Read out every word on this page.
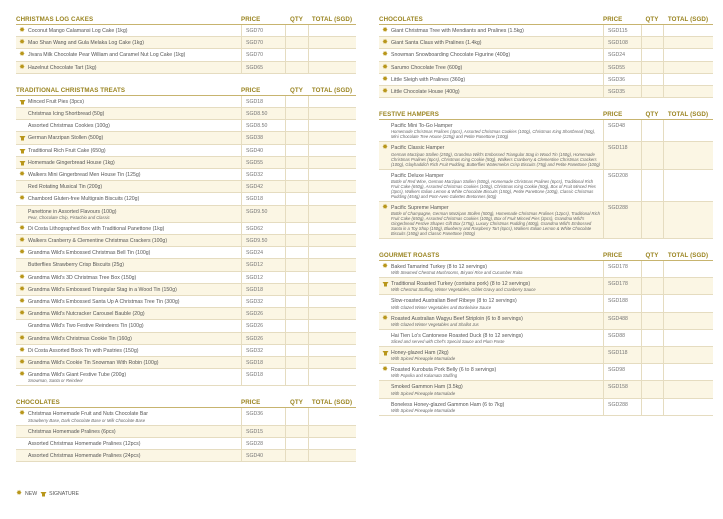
CHRISTMAS LOG CAKES	PRICE	QTY	TOTAL (SGD)
✸ Coconut Mango Calamansi Log Cake (1kg)	SGD70
✸ Mao Shan Wang and Gula Melaka Log Cake (1kg)	SGD70
✸ Jivara Milk Chocolate Pear William and Caramel Nut Log Cake (1kg)	SGD70
✸ Hazelnut Chocolate Tart (1kg)	SGD65
TRADITIONAL CHRISTMAS TREATS	PRICE	QTY	TOTAL (SGD)
Minced Fruit Pies (3pcs)	SGD18
Christmas Icing Shortbread (50g)	SGD8.50
Assorted Christmas Cookies (100g)	SGD8.50
German Marzipan Stollen (500g)	SGD38
Traditional Rich Fruit Cake (650g)	SGD40
Homemade Gingerbread House (1kg)	SGD55
✸ Walkers Mini Gingerbread Men House Tin (125g)	SGD32
Red Rotating Musical Tin (200g)	SGD42
✸ Chambord Gluten-free Multigrain Biscuits (120g)	SGD18
Panettone in Assorted Flavours (100g)
Pear, Chocolate Chip, Pistachio and Classic
SGD9.50
✸ Di Costa Lithographed Box with Traditional Panettone (1kg)	SGD62
✸ Walkers Cranberry & Clementine Christmas Crackers (100g)	SGD9.50
✸ Grandma Wild's Embossed Christmas Bell Tin (100g)	SGD24
Butterflies Strawberry Crisp Biscuits (25g)	SGD12
✸ Grandma Wild's 3D Christmas Tree Box (150g)	SGD12
✸ Grandma Wild's Embossed Triangular Stag in a Wood Tin (150g)	SGD18
✸ Grandma Wild's Embossed Santa Up A Christmas Tree Tin (300g)	SGD32
✸ Grandma Wild's Nutcracker Carousel Bauble (20g)	SGD26
Grandma Wild's Two Festive Reindeers Tin (100g)	SGD26
✸ Grandma Wild's Christmas Cookie Tin (160g)	SGD26
✸ Di Costa Assorted Book Tin with Pastries (150g)	SGD32
✸ Grandma Wild's Cookie Tin Snowman With Robin (100g)	SGD18
✸ Grandma Wild's Giant Festive Tube (200g)
Snowman, Santa or Reindeer
SGD18
CHOCOLATES	PRICE	QTY	TOTAL (SGD)
✸ Christmas Homemade Fruit and Nuts Chocolate Bar
Strawberry Base, Dark Chocolate Base or Milk Chocolate Base
SGD36
Christmas Homemade Pralines (6pcs)	SGD15
Assorted Christmas Homemade Pralines (12pcs)	SGD28
Assorted Christmas Homemade Pralines (24pcs)	SGD40
CHOCOLATES	PRICE	QTY	TOTAL (SGD)
✸ Giant Christmas Tree with Mendiants and Pralines (1.5kg)	SGD115
✸ Giant Santa Claus with Pralines (1.4kg)	SGD108
✸ Snowman Snowboarding Chocolate Figurine (400g)	SGD24
✸ Sarumo Chocolate Tree (600g)	SGD55
✸ Little Sleigh with Pralines (360g)	SGD36
✸ Little Chocolate House (400g)	SGD35
FESTIVE HAMPERS	PRICE	QTY	TOTAL (SGD)
Pacific Mini To-Go Hamper
Homemade Christmas Pralines (4pcs), Assorted Christmas Cookies (100g), Christmas Icing Shortbread (50g), Mini Chocolate Tree House (225g) and Petite Panettone (100g)
SGD48
✸ Pacific Classic Hamper
German Marzipan Stollen (250g), Grandma Wild's Embossed Triangular Stag in Wood Tin (150g), Homemade Christmas Pralines (6pcs), Christmas Icing Cookie (50g), Walkers Cranberry & Clementine Christmas Crackers (100g), Glayhaddich Rich Fruit Pudding, Butterflies Watermelon Crisp Biscuits (75g) and Petite Panettone (100g)
SGD118
Pacific Deluxe Hamper
Bottle of Red Wine, German Marzipan Stollen (500g), Homemade Christmas Pralines (6pcs), Traditional Rich Fruit Cake (650g), Assorted Christmas Cookies (100g), Christmas Icing Cookie (50g), Box of Fruit Minced Pies (3pcs), Walkers Italian Lemon & White Chocolate Biscuits (150g), Petite Panettone (100g), Classic Christmas Pudding (454g) and Pont-Aven Galettes Bretonnes (60g)
SGD208
✸ Pacific Supreme Hamper
Bottle of Champagne, German Marzipan Stollen (500g), Homemade Christmas Pralines (12pcs), Traditional Rich Fruit Cake (650g), Assorted Christmas Cookies (100g), Box of Fruit Minced Pies (3pcs), Grandma Wild's Gingerbread Festive Shapes Gift Box (175g), Luxury Christmas Pudding (400g), Grandma Wild's Embossed Santa in a Toy Shop (150g), Blueberry and Raspberry Tart (6pcs), Walkers Italian Lemon & White Chocolate Biscuits (150g) and Classic Panettone (500g)
SGD288
GOURMET ROASTS	PRICE	QTY	TOTAL (SGD)
✸ Baked Tamarind Turkey (8 to 12 servings)
With Steamed Chestnut Mushrooms, Biryani Rice and Cucumber Raita
SGD178
Traditional Roasted Turkey (contains pork) (8 to 12 servings)
With Chestnut Stuffing, Winter Vegetables, Giblet Gravy and Cranberry Sauce
SGD178
Slow-roasted Australian Beef Ribeye (8 to 12 servings)
With Glazed Winter Vegetables and Bordelaise Sauce
SGD188
✸ Roasted Australian Wagyu Beef Striploin (6 to 8 servings)
With Glazed Winter Vegetables and Shallot Jus
SGD488
Hai Tien Lo's Cantonese Roasted Duck (8 to 12 servings)
Sliced and served with Chef's Special Sauce and Plum Paste
SGD88
Honey-glazed Ham (2kg)
With Spiced Pineapple Marmalade
SGD118
✸ Roasted Kurobuta Pork Belly (6 to 8 servings)
With Paprika and Kalamata Stuffing
SGD98
Smoked Gammon Ham (3.5kg)
With Spiced Pineapple Marmalade
SGD158
Boneless Honey-glazed Gammon Ham (6 to 7kg)
With Spiced Pineapple Marmalade
SGD288
✸ NEW SIGNATURE
